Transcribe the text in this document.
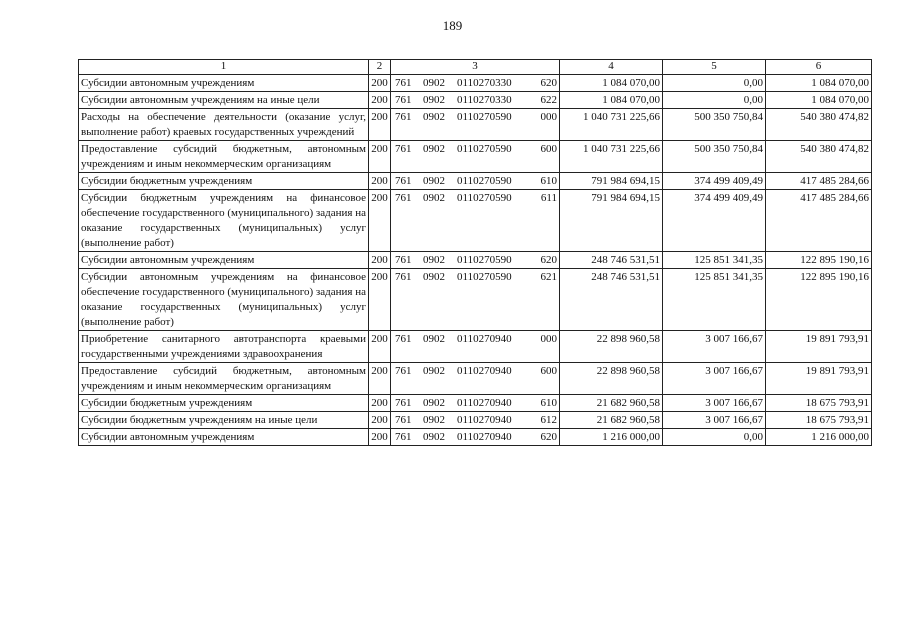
189
1	2	3	4	5	6
Субсидии автономным учреждениям	200	761 0902 0110270330 620	1 084 070,00	0,00	1 084 070,00
Субсидии автономным учреждениям на иные цели	200	761 0902 0110270330 622	1 084 070,00	0,00	1 084 070,00
Расходы на обеспечение деятельности (оказание услуг, выполнение работ) краевых государственных учреждений	200	761 0902 0110270590 000	1 040 731 225,66	500 350 750,84	540 380 474,82
Предоставление субсидий бюджетным, автономным учреждениям и иным некоммерческим организациям	200	761 0902 0110270590 600	1 040 731 225,66	500 350 750,84	540 380 474,82
Субсидии бюджетным учреждениям	200	761 0902 0110270590 610	791 984 694,15	374 499 409,49	417 485 284,66
Субсидии бюджетным учреждениям на финансовое обеспечение государственного (муниципального) задания на оказание государственных (муниципальных) услуг (выполнение работ)	200	761 0902 0110270590 611	791 984 694,15	374 499 409,49	417 485 284,66
Субсидии автономным учреждениям	200	761 0902 0110270590 620	248 746 531,51	125 851 341,35	122 895 190,16
Субсидии автономным учреждениям на финансовое обеспечение государственного (муниципального) задания на оказание государственных (муниципальных) услуг (выполнение работ)	200	761 0902 0110270590 621	248 746 531,51	125 851 341,35	122 895 190,16
Приобретение санитарного автотранспорта краевыми государственными учреждениями здравоохранения	200	761 0902 0110270940 000	22 898 960,58	3 007 166,67	19 891 793,91
Предоставление субсидий бюджетным, автономным учреждениям и иным некоммерческим организациям	200	761 0902 0110270940 600	22 898 960,58	3 007 166,67	19 891 793,91
Субсидии бюджетным учреждениям	200	761 0902 0110270940 610	21 682 960,58	3 007 166,67	18 675 793,91
Субсидии бюджетным учреждениям на иные цели	200	761 0902 0110270940 612	21 682 960,58	3 007 166,67	18 675 793,91
Субсидии автономным учреждениям	200	761 0902 0110270940 620	1 216 000,00	0,00	1 216 000,00
